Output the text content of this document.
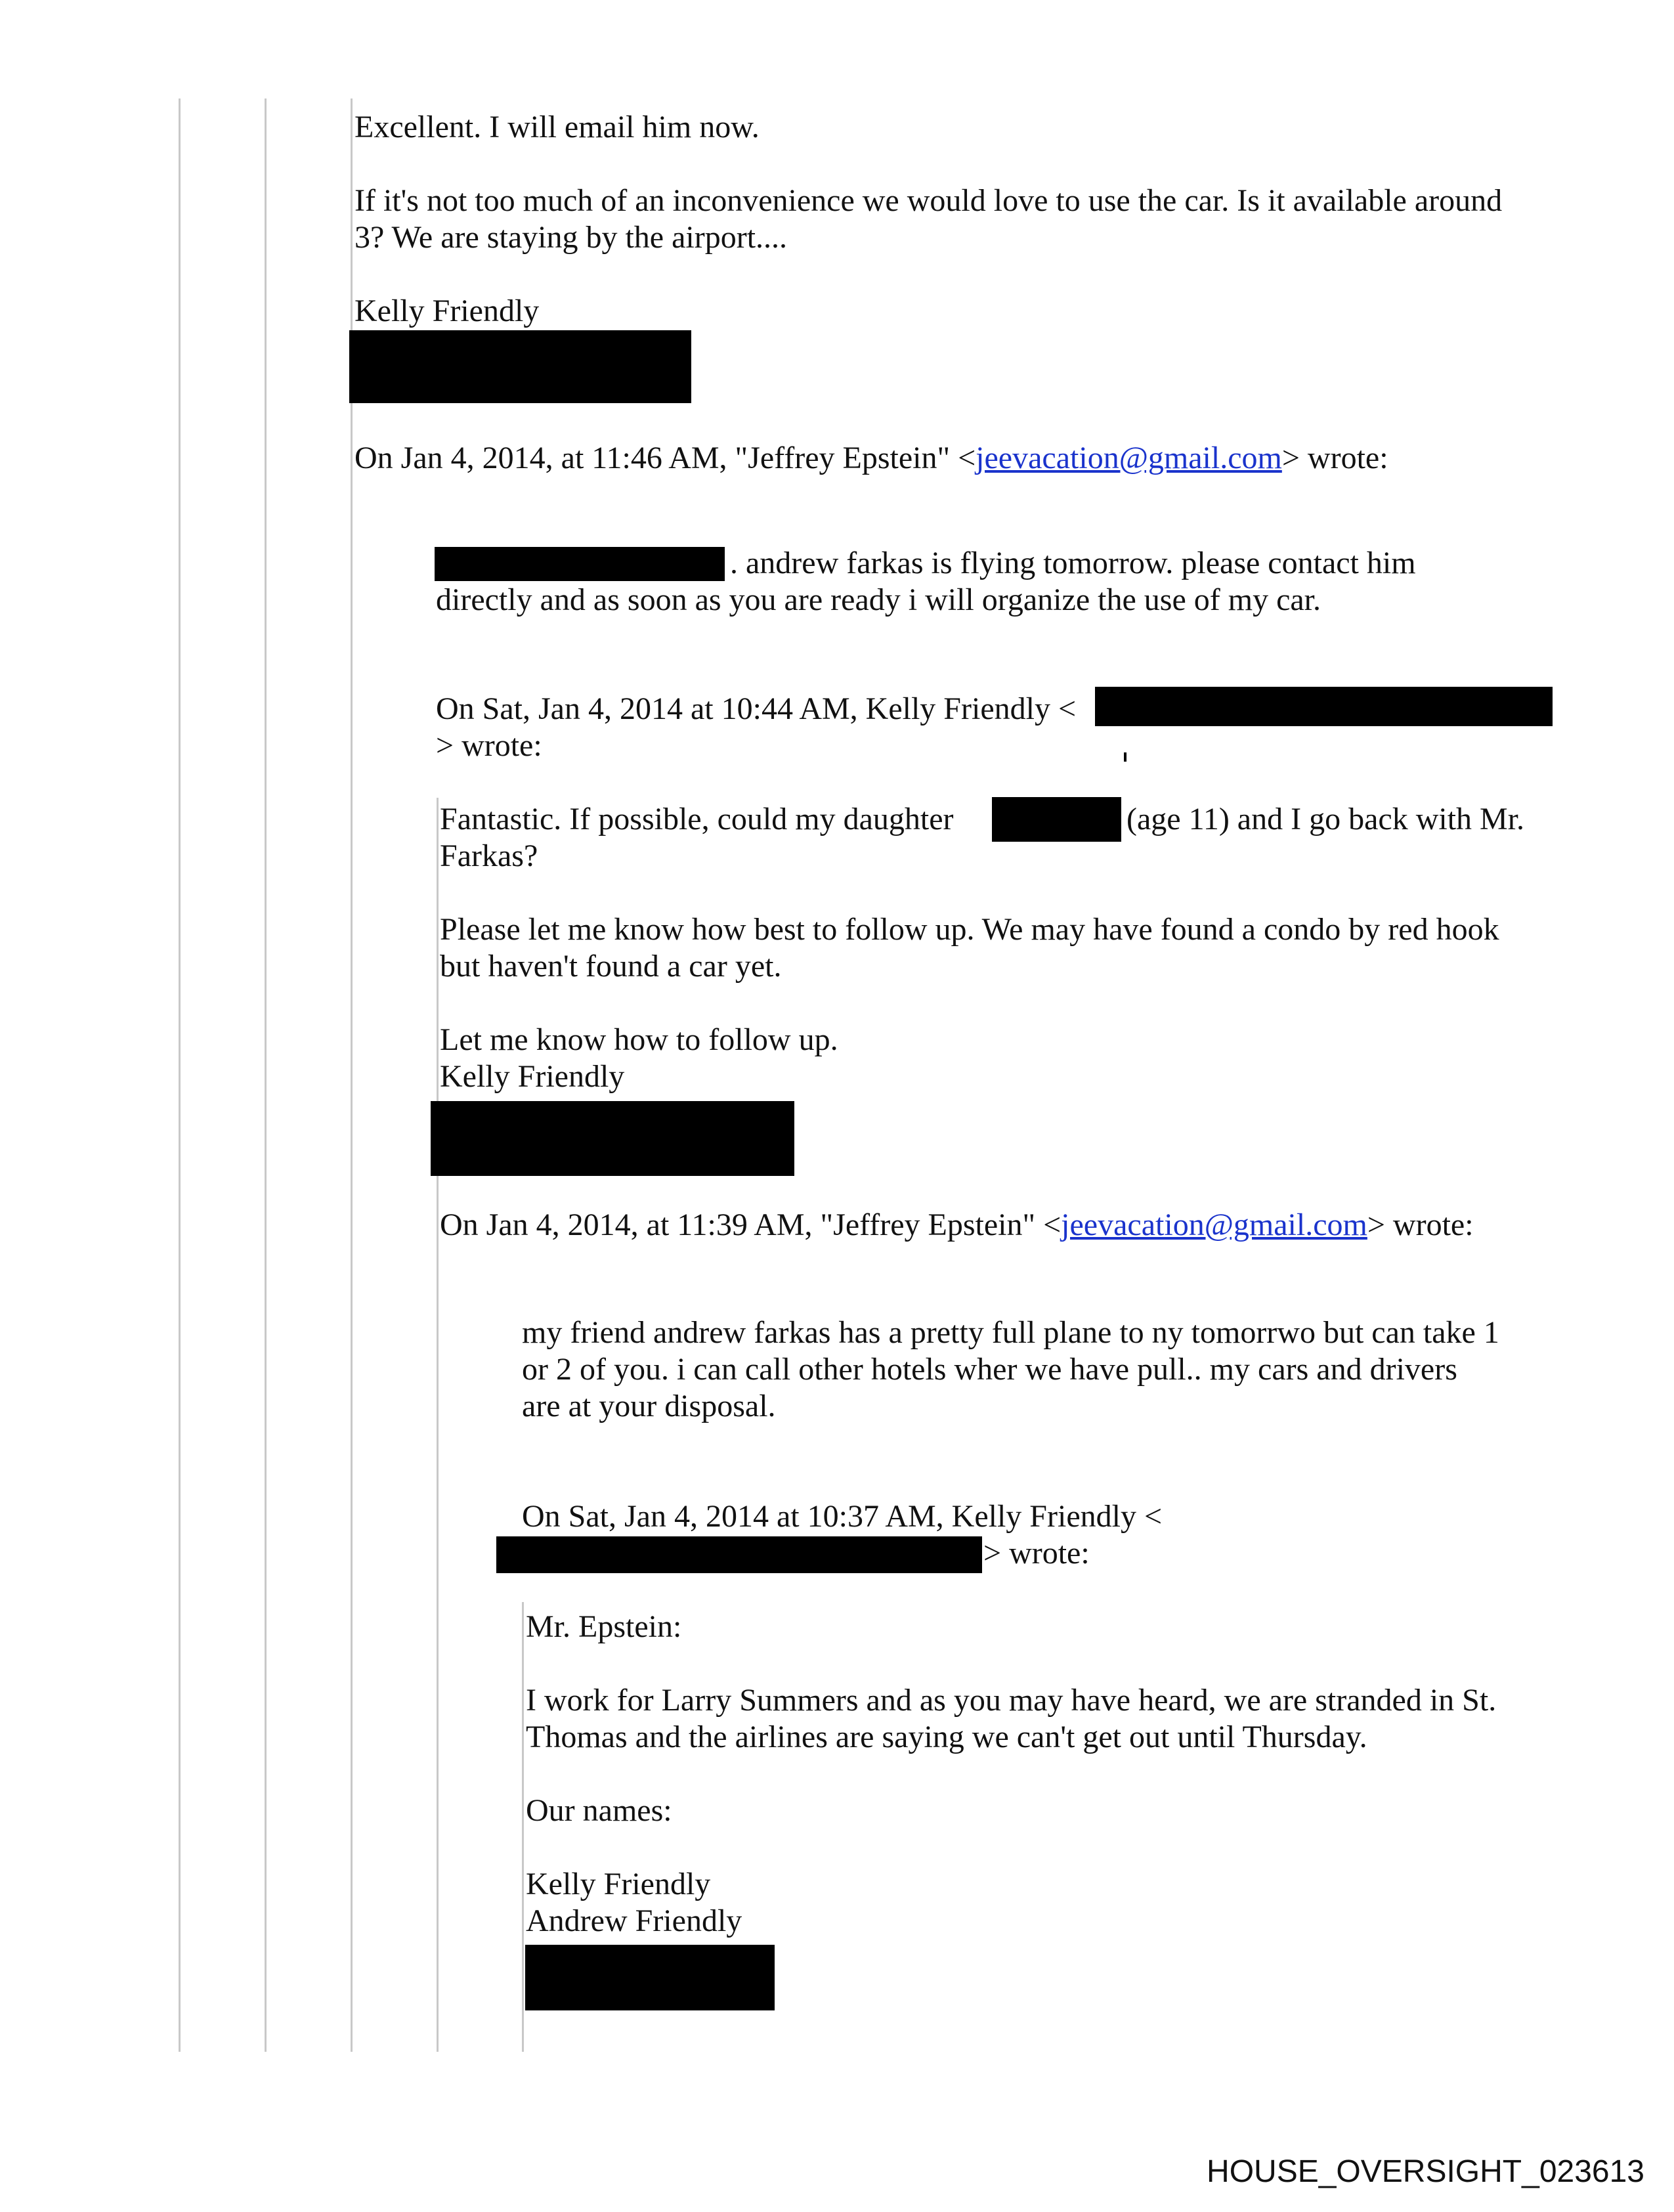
Excellent. I will email him now.
If it's not too much of an inconvenience we would love to use the car. Is it available around
3? We are staying by the airport....
Kelly Friendly
On Jan 4, 2014, at 11:46 AM, "Jeffrey Epstein" <jeevacation@gmail.com> wrote:
. andrew farkas is flying tomorrow. please contact him
directly and as soon as you are ready i will organize the use of my car.
On Sat, Jan 4, 2014 at 10:44 AM, Kelly Friendly <
> wrote:
Fantastic. If possible, could my daughter	(age 11) and I go back with Mr.
Farkas?
Please let me know how best to follow up. We may have found a condo by red hook
but haven't found a car yet.
Let me know how to follow up.
Kelly Friendly
On Jan 4, 2014, at 11:39 AM, "Jeffrey Epstein" <jeevacation@gmail.com> wrote:
my friend andrew farkas has a pretty full plane to ny tomorrwo but can take 1
or 2 of you. i can call other hotels wher we have pull.. my cars and drivers
are at your disposal.
On Sat, Jan 4, 2014 at 10:37 AM, Kelly Friendly <
> wrote:
Mr. Epstein:
I work for Larry Summers and as you may have heard, we are stranded in St.
Thomas and the airlines are saying we can't get out until Thursday.
Our names:
Kelly Friendly
Andrew Friendly
HOUSE_OVERSIGHT_023613
